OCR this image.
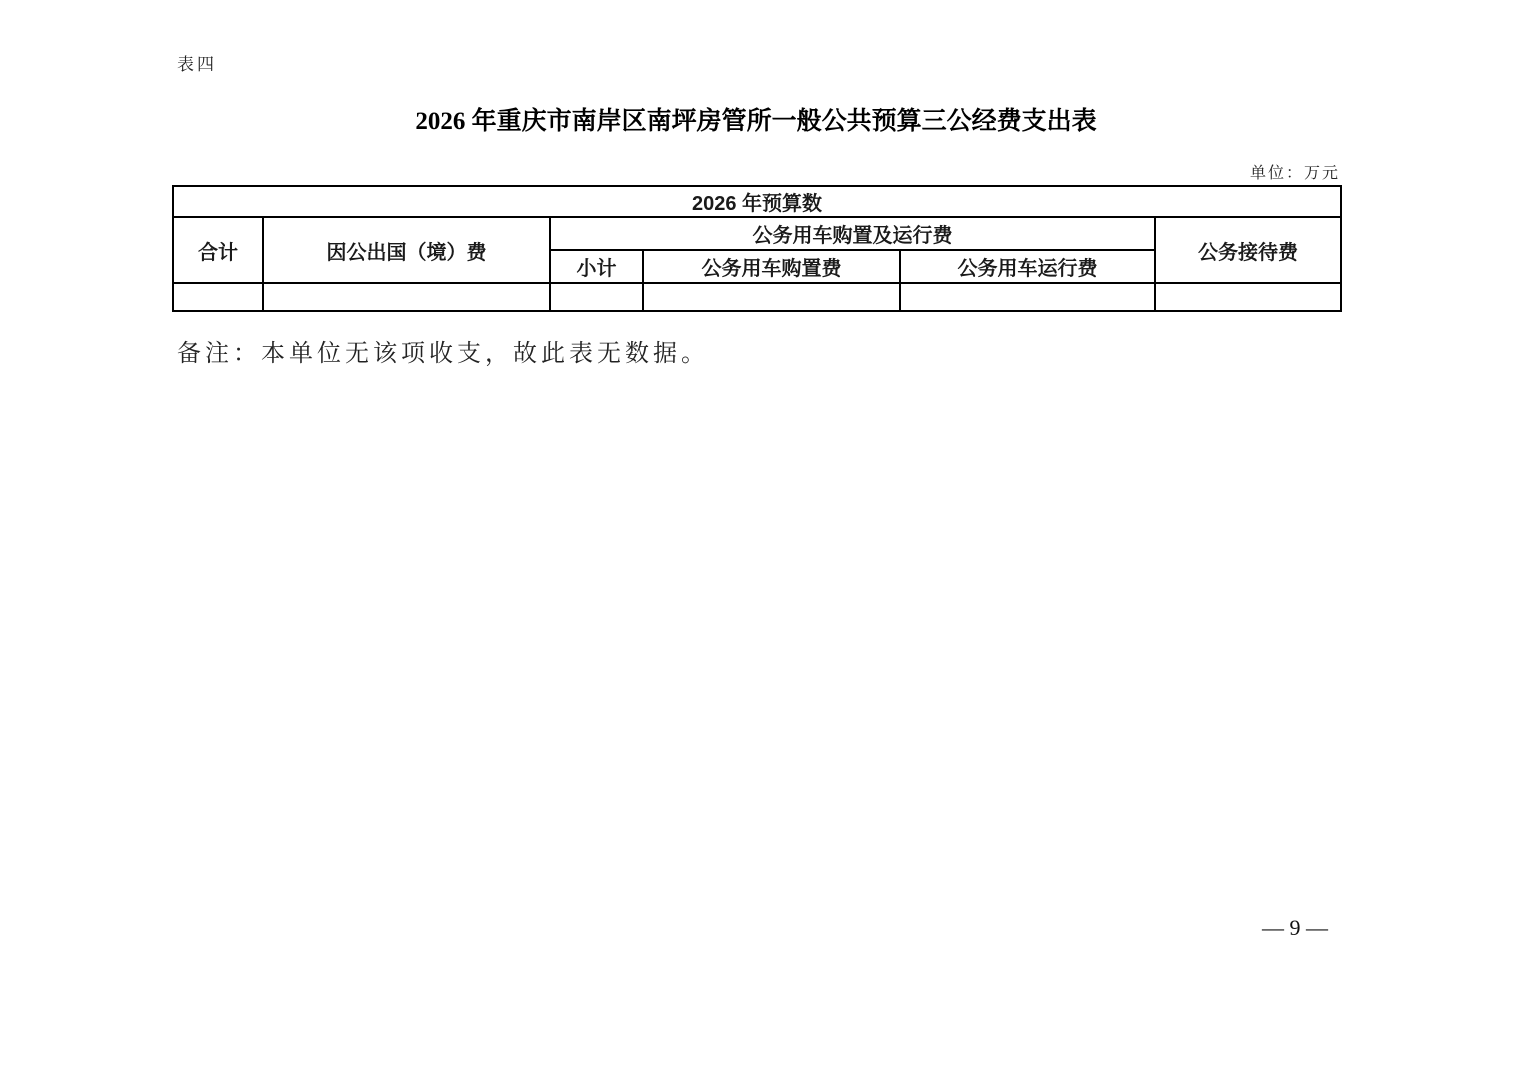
表四
2026 年重庆市南岸区南坪房管所一般公共预算三公经费支出表
单位：万元
2026 年预算数					
合计	因公出国（境）费	公务用车购置及运行费			公务接待费
		小计	公务用车购置费	公务用车运行费	

备注：本单位无该项收支，故此表无数据。
— 9 —
